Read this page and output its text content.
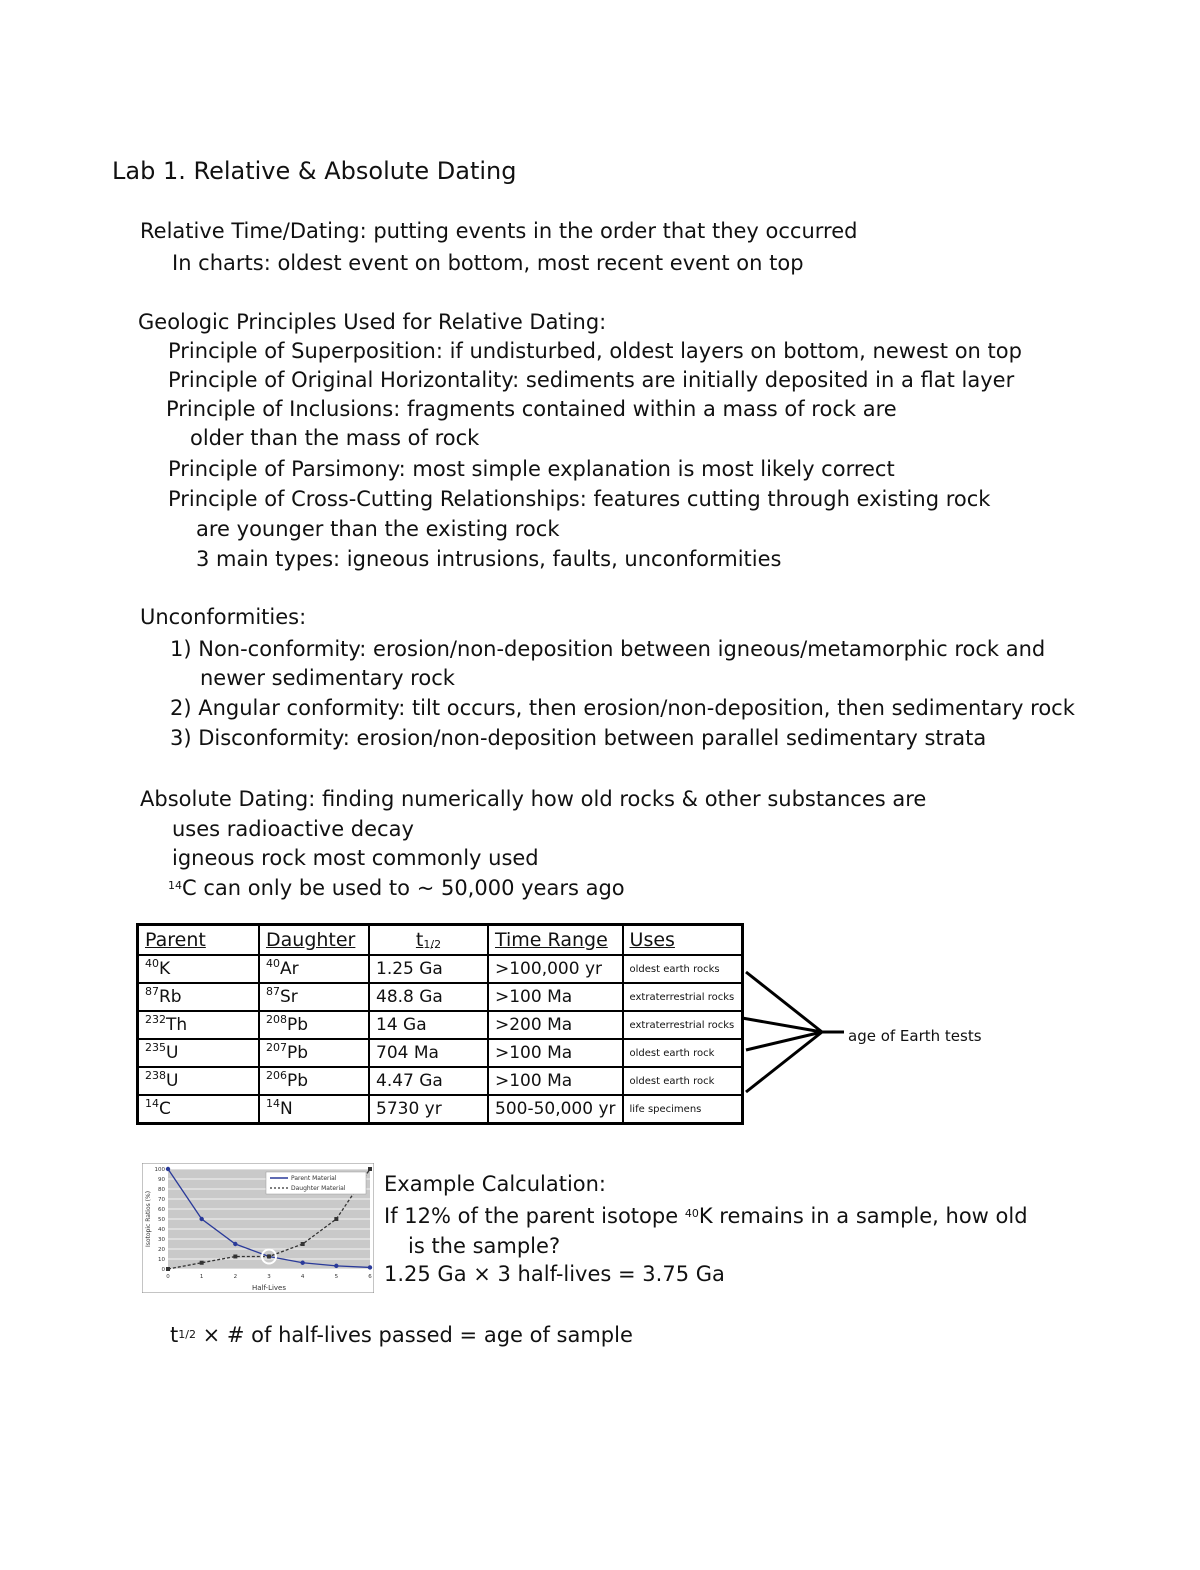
Lab 1. Relative & Absolute Dating
Relative Time/Dating: putting events in the order that they occurred
In charts: oldest event on bottom, most recent event on top
Geologic Principles Used for Relative Dating:
Principle of Superposition: if undisturbed, oldest layers on bottom, newest on top
Principle of Original Horizontality: sediments are initially deposited in a flat layer
Principle of Inclusions: fragments contained within a mass of rock are
older than the mass of rock
Principle of Parsimony: most simple explanation is most likely correct
Principle of Cross-Cutting Relationships: features cutting through existing rock
are younger than the existing rock
3 main types: igneous intrusions, faults, unconformities
Unconformities:
1) Non-conformity: erosion/non-deposition between igneous/metamorphic rock and
newer sedimentary rock
2) Angular conformity: tilt occurs, then erosion/non-deposition, then sedimentary rock
3) Disconformity: erosion/non-deposition between parallel sedimentary strata
Absolute Dating: finding numerically how old rocks & other substances are
uses radioactive decay
igneous rock most commonly used
$^{14}$C can only be used to ~ 50,000 years ago
Parent	Daughter	t1/2	Time Range	Uses
$^{40}$K	$^{40}$Ar	1.25 Ga	>100,000 yr	oldest earth rocks
$^{87}$Rb	$^{87}$Sr	48.8 Ga	>100 Ma	extraterrestrial rocks
$^{232}$Th	$^{208}$Pb	14 Ga	>200 Ma	extraterrestrial rocks
$^{235}$U	$^{207}$Pb	704 Ma	>100 Ma	oldest earth rock
$^{238}$U	$^{206}$Pb	4.47 Ga	>100 Ma	oldest earth rock
$^{14}$C	$^{14}$N	5730 yr	500-50,000 yr	life specimens
age of Earth tests
0
10
20
30
40
50
60
70
80
90
100
0	1	2	3	4	5	6
Half-Lives
Isotopic Ratios (%)
Parent Material
Daughter Material Example Calculation:
If 12% of the parent isotope $^{40}$K remains in a sample, how old
is the sample?
1.25 Ga × 3 half-lives = 3.75 Ga
t1/2 × # of half-lives passed = age of sample
